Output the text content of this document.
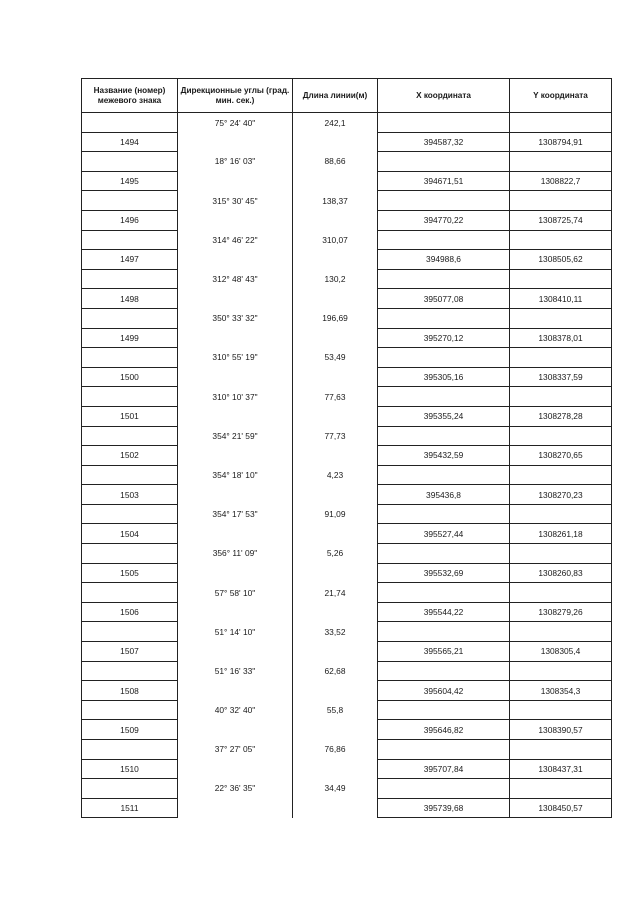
Название (номер) межевого знака	Дирекционные углы (град. мин. сек.)	Длина линии(м)	X координата	Y координата
	75° 24' 40"	242,1		
1494			394587,32	1308794,91
	18° 16' 03"	88,66		
1495			394671,51	1308822,7
	315° 30' 45"	138,37		
1496			394770,22	1308725,74
	314° 46' 22"	310,07		
1497			394988,6	1308505,62
	312° 48' 43"	130,2		
1498			395077,08	1308410,11
	350° 33' 32"	196,69		
1499			395270,12	1308378,01
	310° 55' 19"	53,49		
1500			395305,16	1308337,59
	310° 10' 37"	77,63		
1501			395355,24	1308278,28
	354° 21' 59"	77,73		
1502			395432,59	1308270,65
	354° 18' 10"	4,23		
1503			395436,8	1308270,23
	354° 17' 53"	91,09		
1504			395527,44	1308261,18
	356° 11' 09"	5,26		
1505			395532,69	1308260,83
	57° 58' 10"	21,74		
1506			395544,22	1308279,26
	51° 14' 10"	33,52		
1507			395565,21	1308305,4
	51° 16' 33"	62,68		
1508			395604,42	1308354,3
	40° 32' 40"	55,8		
1509			395646,82	1308390,57
	37° 27' 05"	76,86		
1510			395707,84	1308437,31
	22° 36' 35"	34,49		
1511			395739,68	1308450,57
